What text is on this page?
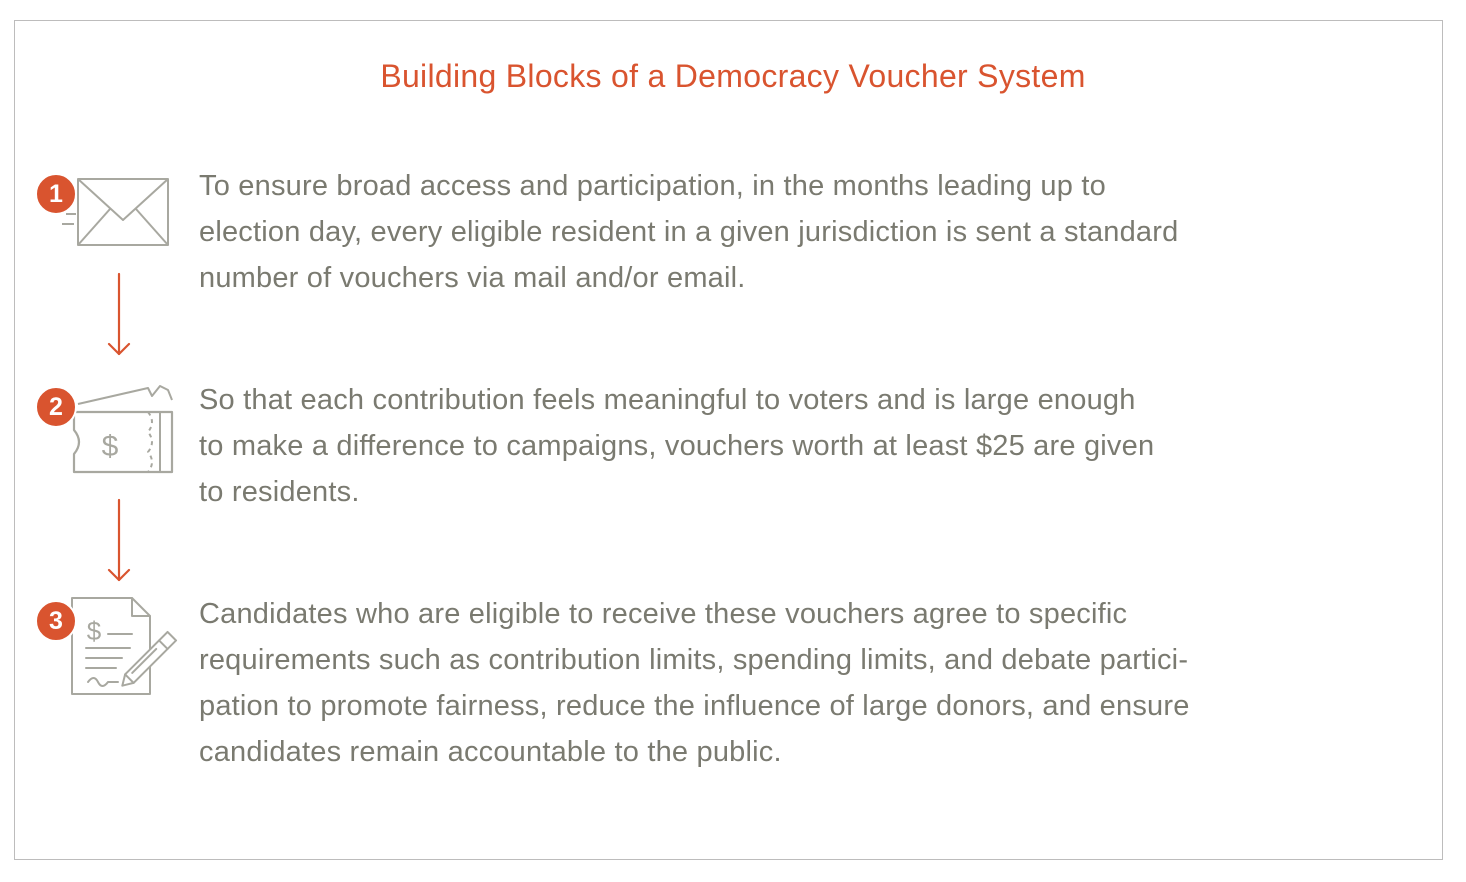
Building Blocks of a Democracy Voucher System
1
$
2
$
3

To ensure broad access and participation, in the months leading up to
election day, every eligible resident in a given jurisdiction is sent a standard
number of vouchers via mail and/or email.

So that each contribution feels meaningful to voters and is large enough
to make a difference to campaigns, vouchers worth at least $25 are given
to residents.

Candidates who are eligible to receive these vouchers agree to specific
requirements such as contribution limits, spending limits, and debate partici-
pation to promote fairness, reduce the influence of large donors, and ensure
candidates remain accountable to the public.
